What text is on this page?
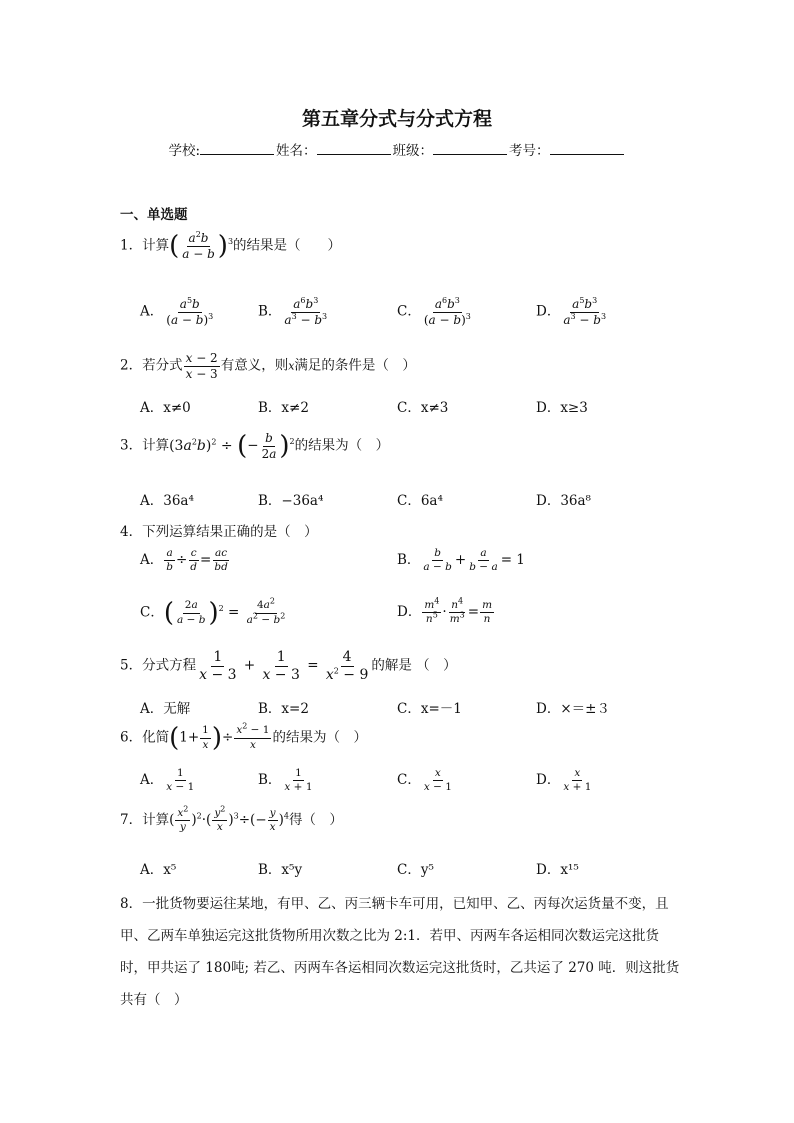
第五章分式与分式方程
学校:	姓名：	班级：	考号：
一、单选题
1．计算( $\frac{a^2b}{a - b} )^3$的结果是（　　）
A． $\frac{a^5b}{(a - b)^3}$	B． $\frac{a^6b^3}{a^3 - b^3}$	C． $\frac{a^6b^3}{(a - b)^3}$	D． $\frac{a^5b^3}{a^3 - b^3}$
2．若分式 $\frac{x - 2}{x - 3}$ 有意义，则x满足的条件是（　）
A．x≠0	B．x≠2	C．x≠3	D．x≥3
3．计算$(3a^2b)^2$ ÷ (− $\frac{b}{2a} )^2$的结果为（　）
A．36a⁴	B．−36a⁴	C．6a⁴	D．36a⁸
4．下列运算结果正确的是（　）
A． $\frac{a}{b} \div \frac{c}{d} = \frac{ac}{bd}$	B． $\frac{b}{a - b} + \frac{a}{b - a} = 1$
C．( $\frac{2a}{a - b} )^2 = \frac{4a^2}{a^2 - b^2}$	D． $\frac{m^4}{n^5} \cdot \frac{n^4}{m^3} = \frac{m}{n}$
5．分式方程 $\frac{1}{x - 3} + \frac{1}{x - 3} = \frac{4}{x^2 - 9}$ 的解是 （　）
A．无解	B．x=2	C．x=－1	D．×＝±３
6．化简($1+ \frac{1}{x}$ )÷ $\frac{x^2 - 1}{x}$ 的结果为（　）
A． $\frac{1}{x - 1}$	B． $\frac{1}{x + 1}$	C． $\frac{x}{x - 1}$	D． $\frac{x}{x + 1}$
7．计算( $\frac{x^2}{y} )^2\cdot( \frac{y^2}{x} )^3\div(- \frac{y}{x} )^4$得（　）
A．x⁵	B．x⁵y	C．y⁵	D．x¹⁵
8．一批货物要运往某地，有甲、乙、丙三辆卡车可用，已知甲、乙、丙每次运货量不变，且甲、乙两车单独运完这批货物所用次数之比为 2:1．若甲、丙两车各运相同次数运完这批货时，甲共运了 180吨; 若乙、丙两车各运相同次数运完这批货时，乙共运了 270 吨．则这批货共有（　）
